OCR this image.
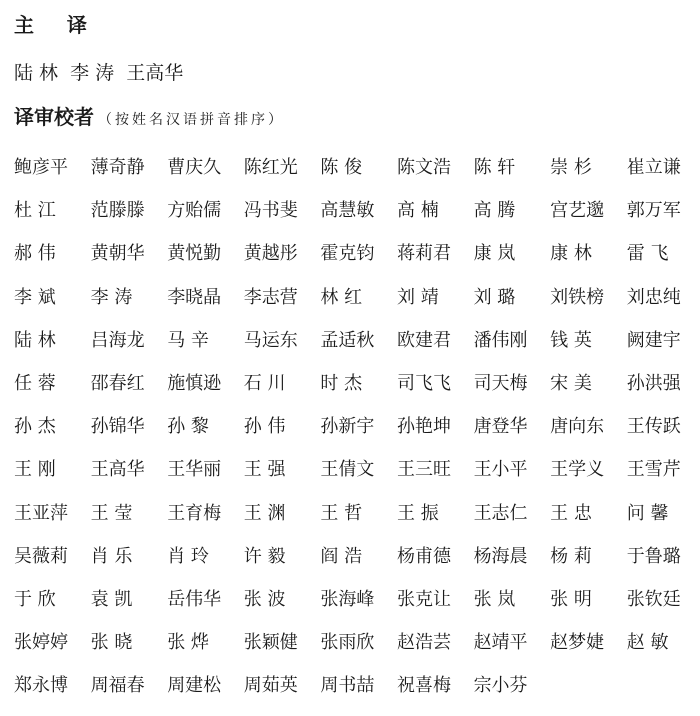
主    译
陆 林  李 涛  王高华
译审校者 （按姓名汉语拼音排序）
鲍彦平	薄奇静	曹庆久	陈红光	陈 俊	陈文浩	陈 轩	崇 杉	崔立谦
杜 江	范滕滕	方贻儒	冯书斐	高慧敏	高 楠	高 腾	宫艺邈	郭万军
郝 伟	黄朝华	黄悦勤	黄越彤	霍克钧	蒋莉君	康 岚	康 林	雷 飞
李 斌	李 涛	李晓晶	李志营	林 红	刘 靖	刘 璐	刘铁榜	刘忠纯
陆 林	吕海龙	马 辛	马运东	孟适秋	欧建君	潘伟刚	钱 英	阙建宇
任 蓉	邵春红	施慎逊	石 川	时 杰	司飞飞	司天梅	宋 美	孙洪强
孙 杰	孙锦华	孙 黎	孙 伟	孙新宇	孙艳坤	唐登华	唐向东	王传跃
王 刚	王高华	王华丽	王 强	王倩文	王三旺	王小平	王学义	王雪芹
王亚萍	王 莹	王育梅	王 渊	王 哲	王 振	王志仁	王 忠	问 馨
吴薇莉	肖 乐	肖 玲	许 毅	阎 浩	杨甫德	杨海晨	杨 莉	于鲁璐
于 欣	袁 凯	岳伟华	张 波	张海峰	张克让	张 岚	张 明	张钦廷
张婷婷	张 晓	张 烨	张颖健	张雨欣	赵浩芸	赵靖平	赵梦婕	赵 敏
郑永博	周福春	周建松	周茹英	周书喆	祝喜梅	宗小芬
